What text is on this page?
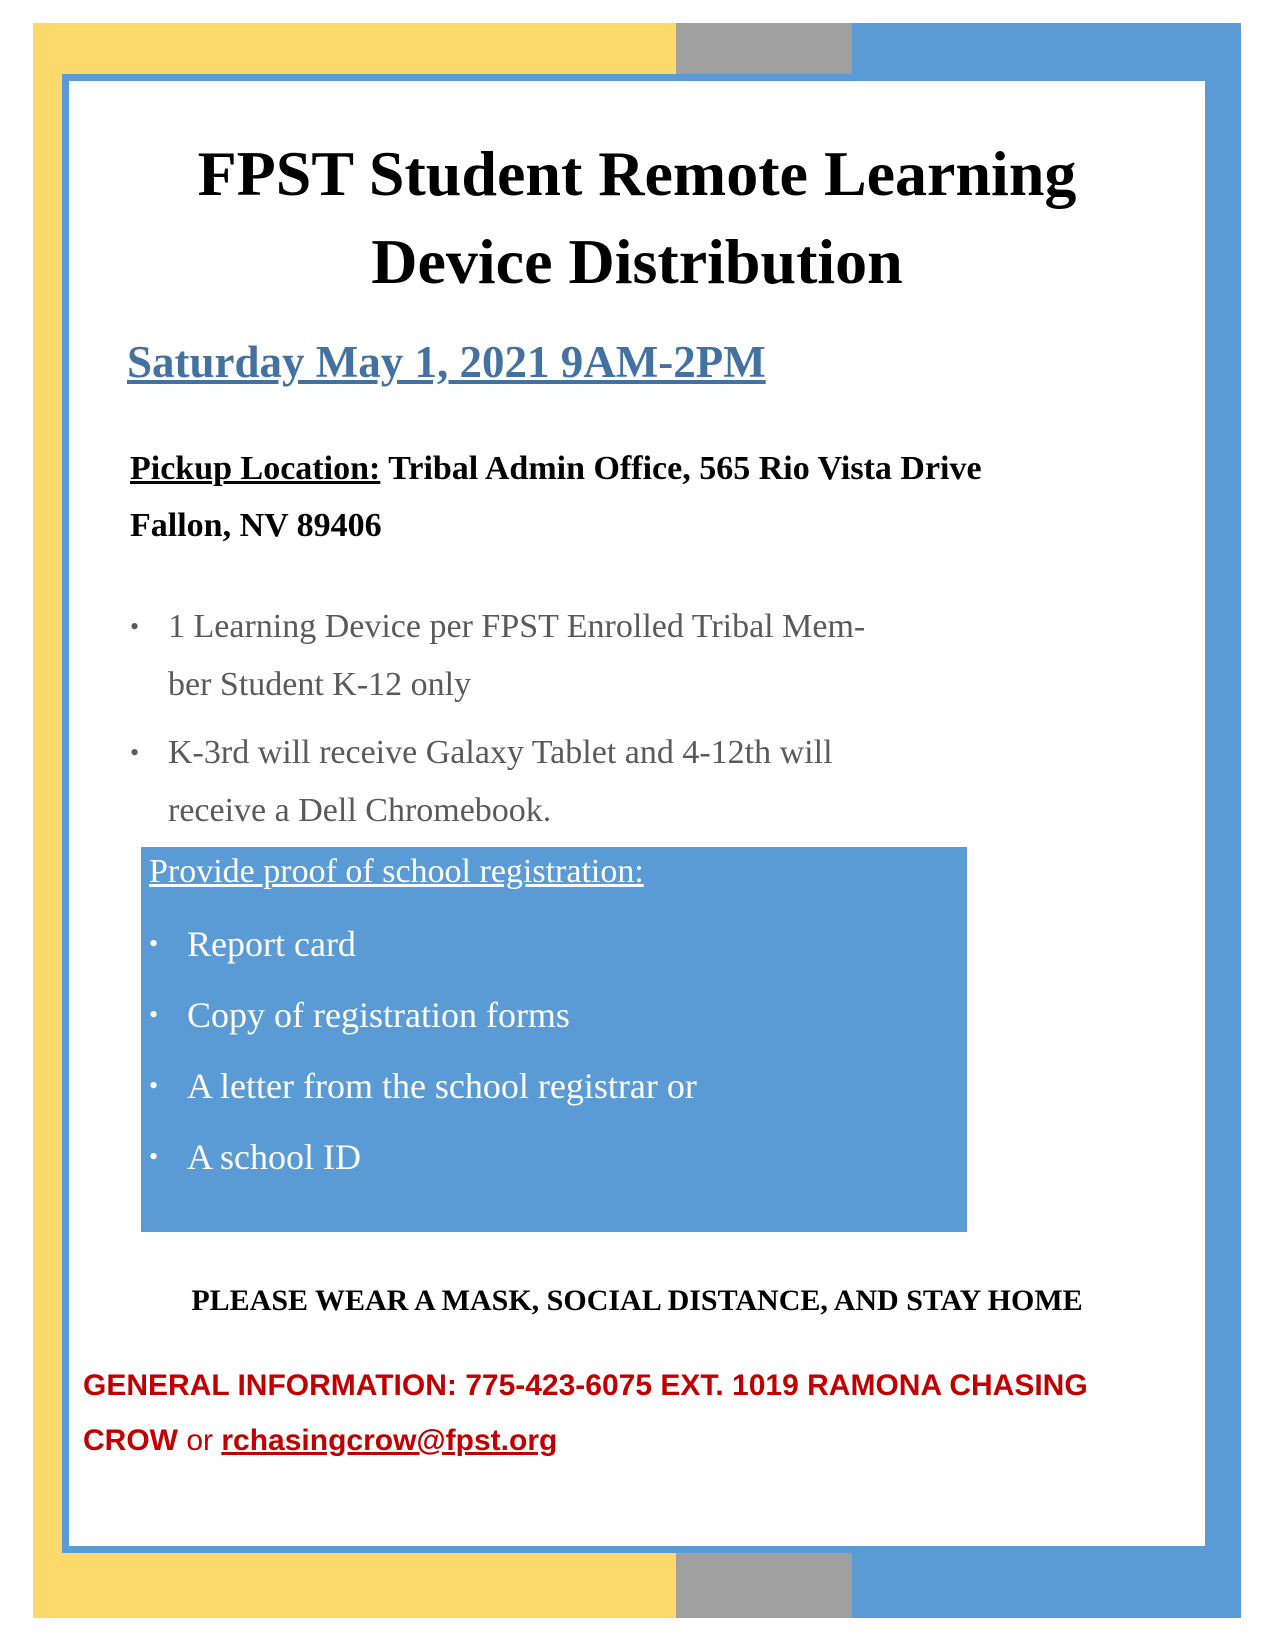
FPST Student Remote Learning
Device Distribution

Saturday May 1, 2021 9AM-2PM

Pickup Location: Tribal Admin Office, 565 Rio Vista Drive
Fallon, NV 89406

• 1 Learning Device per FPST Enrolled Tribal Mem-
ber Student K-12 only
• K-3rd will receive Galaxy Tablet and 4-12th will
receive a Dell Chromebook.

Provide proof of school registration:

• Report card
• Copy of registration forms
• A letter from the school registrar or
• A school ID

PLEASE WEAR A MASK, SOCIAL DISTANCE, AND STAY HOME

GENERAL INFORMATION: 775-423-6075 EXT. 1019 RAMONA CHASING
CROW or rchasingcrow@fpst.org
